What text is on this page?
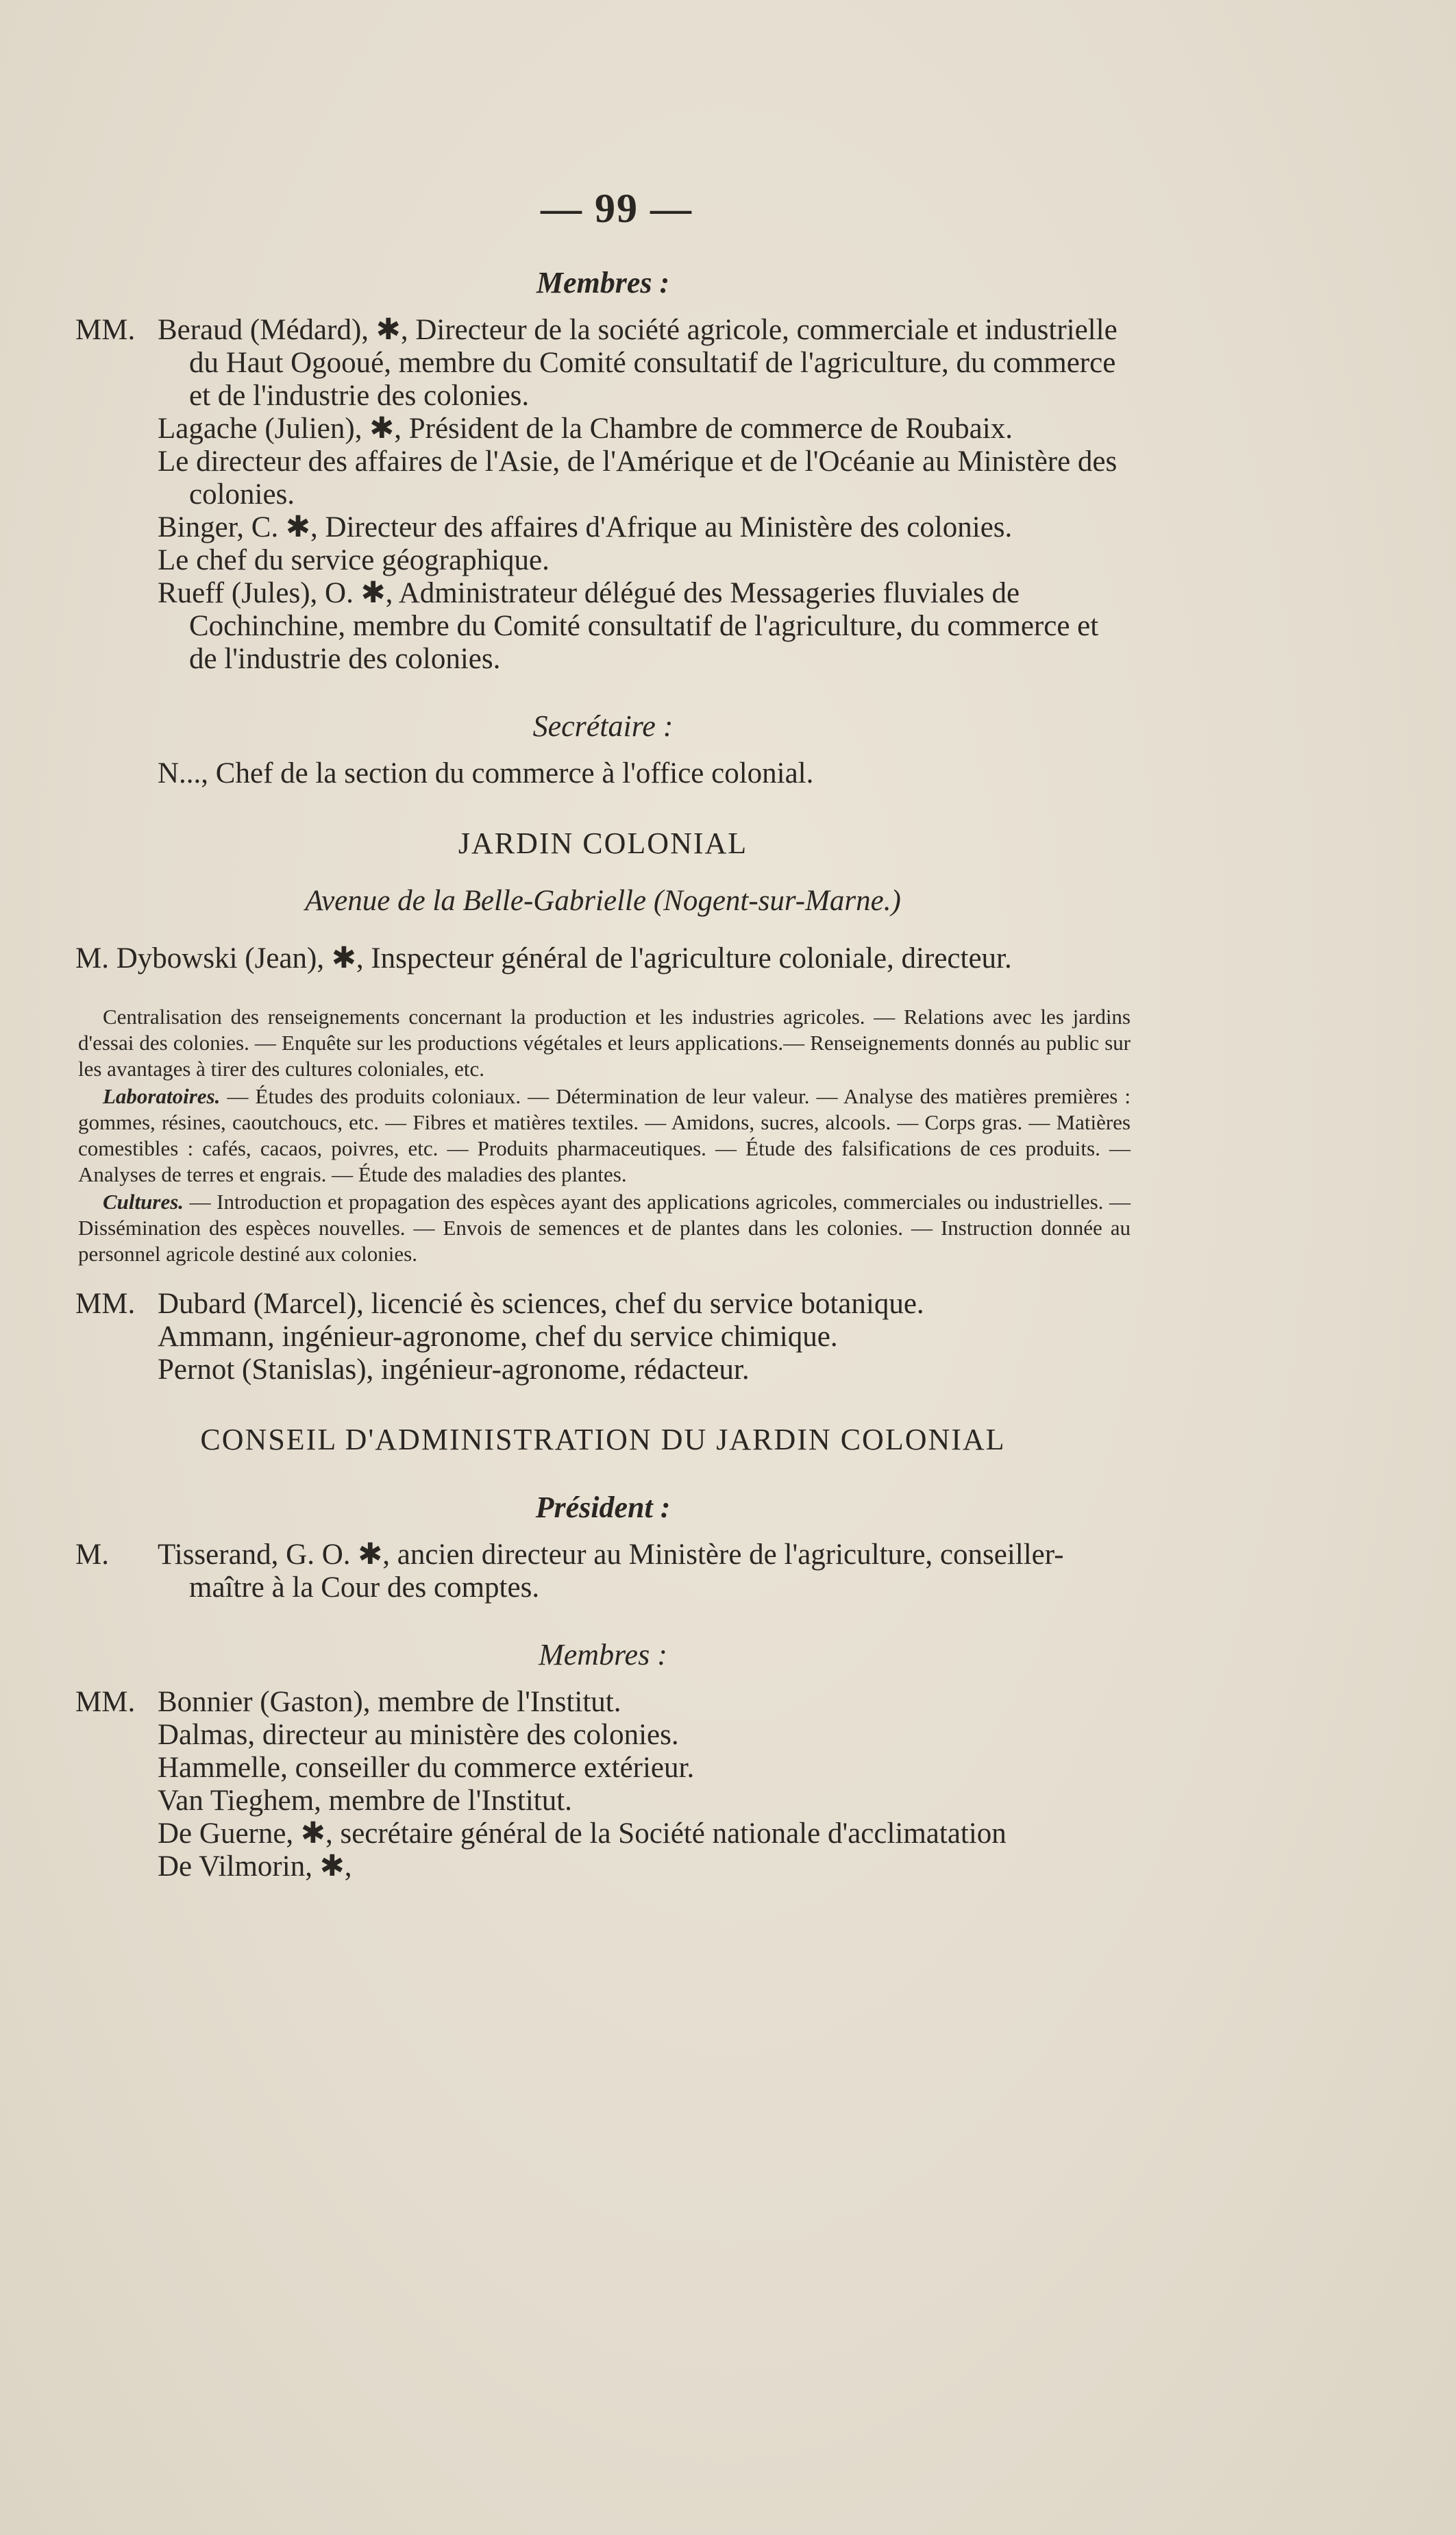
— 99 —
Membres :
MM. Beraud (Médard), ✱, Directeur de la société agricole, commerciale et industrielle du Haut Ogooué, membre du Comité consultatif de l'agriculture, du commerce et de l'industrie des colonies.
Lagache (Julien), ✱, Président de la Chambre de commerce de Roubaix.
Le directeur des affaires de l'Asie, de l'Amérique et de l'Océanie au Ministère des colonies.
Binger, C. ✱, Directeur des affaires d'Afrique au Ministère des colonies.
Le chef du service géographique.
Rueff (Jules), O. ✱, Administrateur délégué des Messageries fluviales de Cochinchine, membre du Comité consultatif de l'agriculture, du commerce et de l'industrie des colonies.
Secrétaire :
N..., Chef de la section du commerce à l'office colonial.
JARDIN COLONIAL
Avenue de la Belle-Gabrielle (Nogent-sur-Marne.)
M. Dybowski (Jean), ✱, Inspecteur général de l'agriculture coloniale, directeur.

Centralisation des renseignements concernant la production et les industries agricoles. — Relations avec les jardins d'essai des colonies. — Enquête sur les productions végétales et leurs applications.— Renseignements donnés au public sur les avantages à tirer des cultures coloniales, etc.

Laboratoires. — Études des produits coloniaux. — Détermination de leur valeur. — Analyse des matières premières : gommes, résines, caoutchoucs, etc. — Fibres et matières textiles. — Amidons, sucres, alcools. — Corps gras. — Matières comestibles : cafés, cacaos, poivres, etc. — Produits pharmaceutiques. — Étude des falsifications de ces produits. — Analyses de terres et engrais. — Étude des maladies des plantes.

Cultures. — Introduction et propagation des espèces ayant des applications agricoles, commerciales ou industrielles. — Dissémination des espèces nouvelles. — Envois de semences et de plantes dans les colonies. — Instruction donnée au personnel agricole destiné aux colonies.

MM. Dubard (Marcel), licencié ès sciences, chef du service botanique.
Ammann, ingénieur-agronome, chef du service chimique.
Pernot (Stanislas), ingénieur-agronome, rédacteur.
CONSEIL D'ADMINISTRATION DU JARDIN COLONIAL
Président :
M.	Tisserand, G. O. ✱, ancien directeur au Ministère de l'agriculture, conseiller-maître à la Cour des comptes.
Membres :
MM. Bonnier (Gaston), membre de l'Institut.
Dalmas, directeur au ministère des colonies.
Hammelle, conseiller du commerce extérieur.
Van Tieghem, membre de l'Institut.
De Guerne, ✱, secrétaire général de la Société nationale d'acclimatation
De Vilmorin, ✱,
